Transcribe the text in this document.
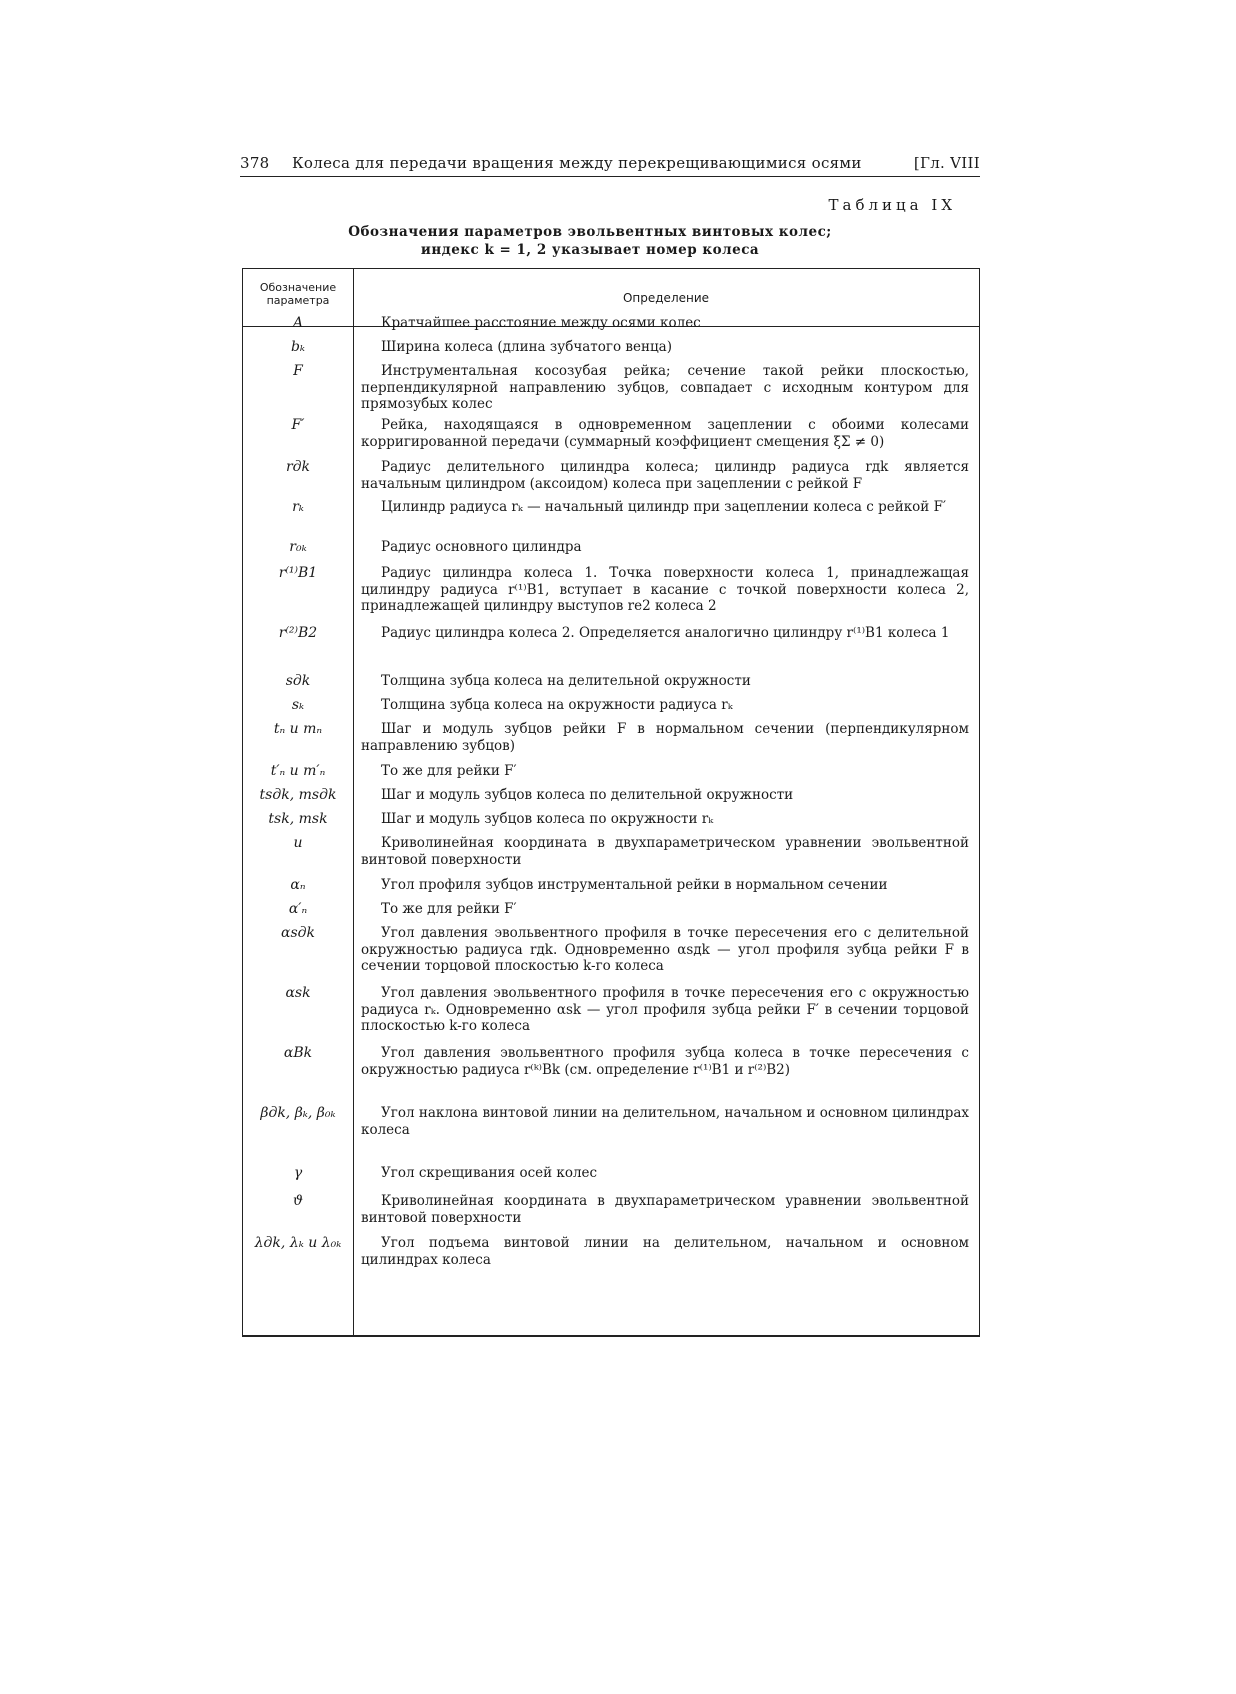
378 Колеса для передачи вращения между перекрещивающимися осями	[Гл. VIII
Таблица IX
Обозначения параметров эвольвентных винтовых колес;
индекс k = 1, 2 указывает номер колеса
Обозначение параметра	Определение
A	Кратчайшее расстояние между осями колес
bₖ	Ширина колеса (длина зубчатого венца)
F	Инструментальная косозубая рейка; сечение такой рейки плоскостью, перпендикулярной направлению зубцов, совпадает с исходным контуром для прямозубых колес
F′	Рейка, находящаяся в одновременном зацеплении с обоими колесами корригированной передачи (суммарный коэффициент смещения ξΣ ≠ 0)
rдk	Радиус делительного цилиндра колеса; цилиндр радиуса rдk является начальным цилиндром (аксоидом) колеса при зацеплении с рейкой F
rₖ	Цилиндр радиуса rₖ — начальный цилиндр при зацеплении колеса с рейкой F′
r₀ₖ	Радиус основного цилиндра
r⁽¹⁾B1	Радиус цилиндра колеса 1. Точка поверхности колеса 1, принадлежащая цилиндру радиуса r⁽¹⁾B1, вступает в касание с точкой поверхности колеса 2, принадлежащей цилиндру выступов rе2 колеса 2
r⁽²⁾B2	Радиус цилиндра колеса 2. Определяется аналогично цилиндру r⁽¹⁾B1 колеса 1
sдk	Толщина зубца колеса на делительной окружности
sₖ	Толщина зубца колеса на окружности радиуса rₖ
tₙ и mₙ	Шаг и модуль зубцов рейки F в нормальном сечении (перпендикулярном направлению зубцов)
t′ₙ и m′ₙ	То же для рейки F′
tsдk, msдk	Шаг и модуль зубцов колеса по делительной окружности
tsk, msk	Шаг и модуль зубцов колеса по окружности rₖ
u	Криволинейная координата в двухпараметрическом уравнении эвольвентной винтовой поверхности
αₙ	Угол профиля зубцов инструментальной рейки в нормальном сечении
α′ₙ	То же для рейки F′
αsдk	Угол давления эвольвентного профиля в точке пересечения его с делительной окружностью радиуса rдk. Одновременно αsдk — угол профиля зубца рейки F в сечении торцовой плоскостью k-го колеса
αsk	Угол давления эвольвентного профиля в точке пересечения его с окружностью радиуса rₖ. Одновременно αsk — угол профиля зубца рейки F′ в сечении торцовой плоскостью k-го колеса
αBk	Угол давления эвольвентного профиля зубца колеса в точке пересечения с окружностью радиуса r⁽ᵏ⁾Bk (см. определение r⁽¹⁾B1 и r⁽²⁾B2)
βдk, βₖ, β₀ₖ	Угол наклона винтовой линии на делительном, начальном и основном цилиндрах колеса
γ	Угол скрещивания осей колес
ϑ	Криволинейная координата в двухпараметрическом уравнении эвольвентной винтовой поверхности
λдk, λₖ и λ₀ₖ	Угол подъема винтовой линии на делительном, начальном и основном цилиндрах колеса
